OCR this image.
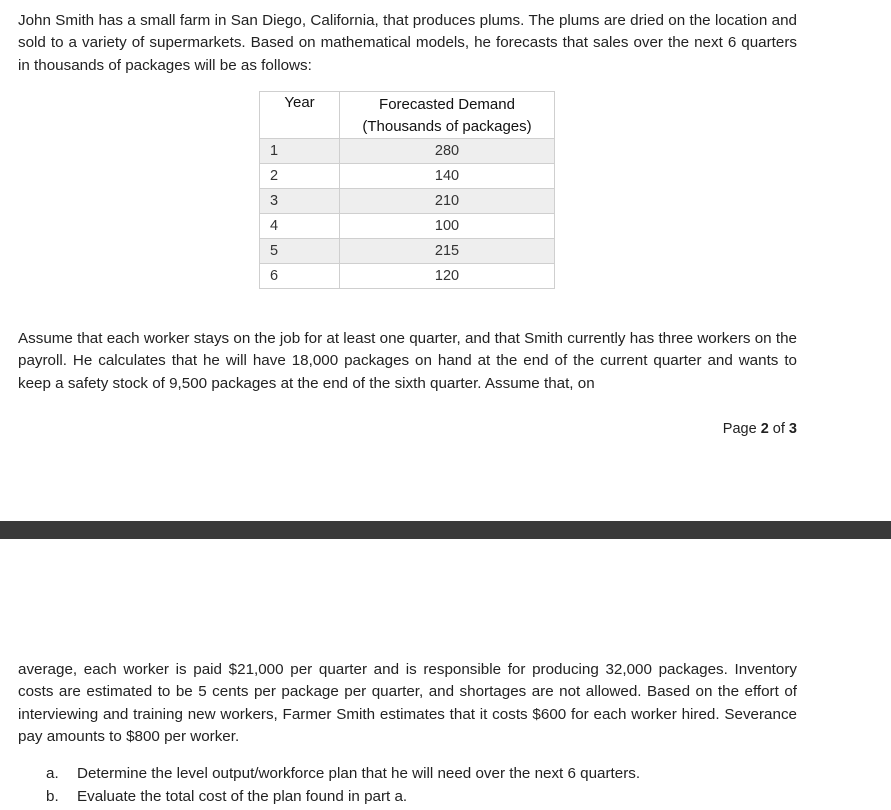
John Smith has a small farm in San Diego, California, that produces plums. The plums are dried on the location and sold to a variety of supermarkets. Based on mathematical models, he forecasts that sales over the next 6 quarters in thousands of packages will be as follows:

Year	Forecasted Demand
(Thousands of packages)

1	280
2	140
3	210
4	100
5	215
6	120

Assume that each worker stays on the job for at least one quarter, and that Smith currently has three workers on the payroll. He calculates that he will have 18,000 packages on hand at the end of the current quarter and wants to keep a safety stock of 9,500 packages at the end of the sixth quarter. Assume that, on

Page 2 of 3

average, each worker is paid $21,000 per quarter and is responsible for producing 32,000 packages. Inventory costs are estimated to be 5 cents per package per quarter, and shortages are not allowed. Based on the effort of interviewing and training new workers, Farmer Smith estimates that it costs $600 for each worker hired. Severance pay amounts to $800 per worker.

a.	Determine the level output/workforce plan that he will need over the next 6 quarters.
b.	Evaluate the total cost of the plan found in part a.
